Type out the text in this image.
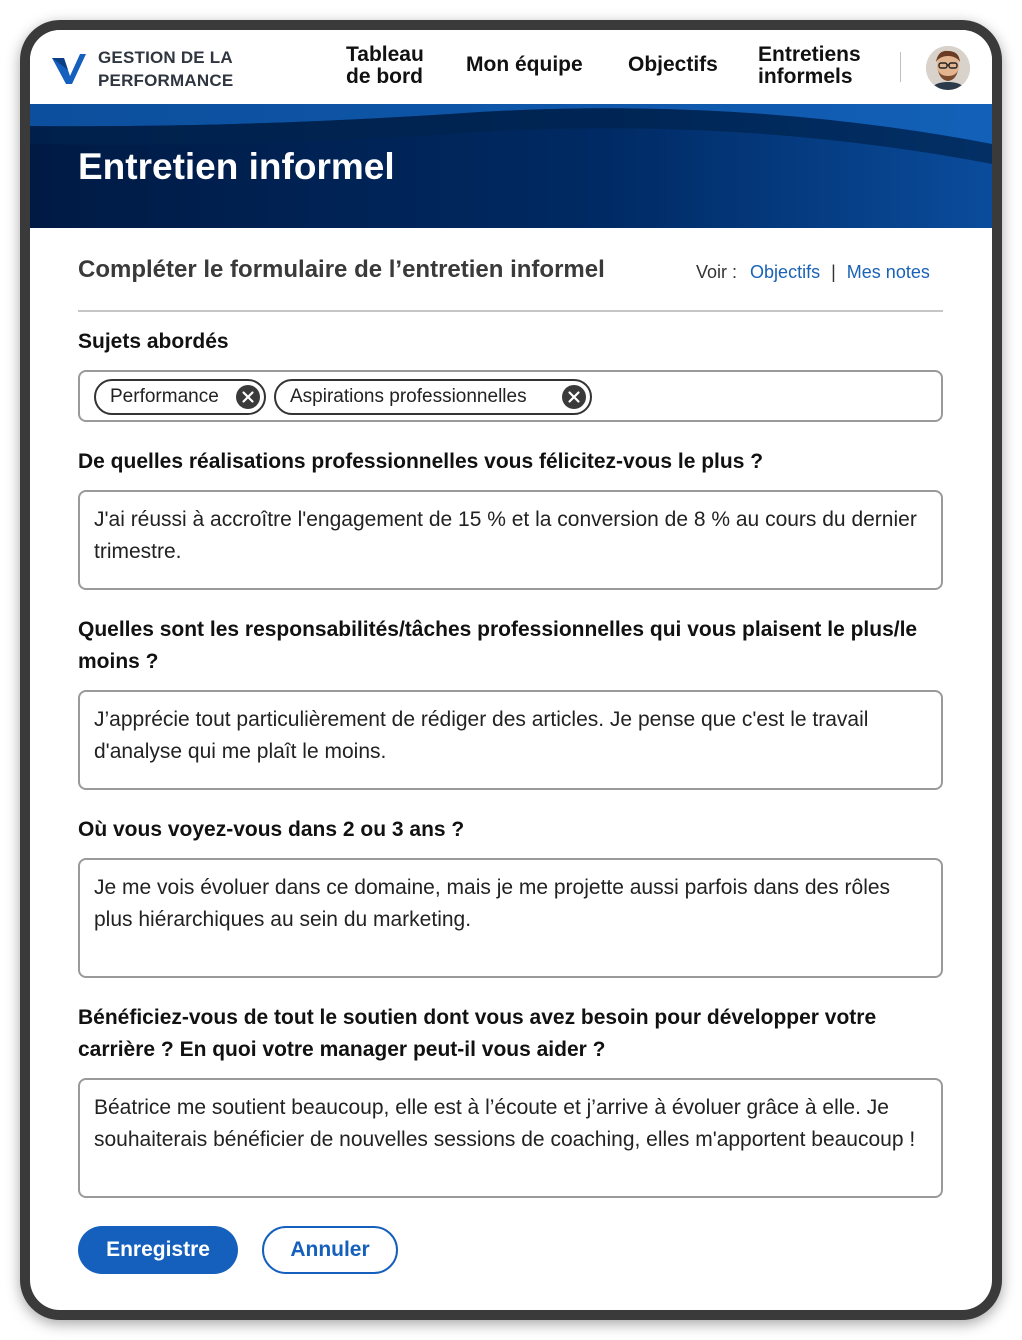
GESTION DE LA
PERFORMANCE
Tableau
de bord
Mon équipe Objectifs Entretiens
informels
Entretien informel
Compléter le formulaire de l’entretien informel	Voir : Objectifs | Mes notes
Sujets abordés
Performance	Aspirations professionnelles
De quelles réalisations professionnelles vous félicitez-vous le plus ?
J'ai réussi à accroître l'engagement de 15 % et la conversion de 8 % au cours du dernier trimestre.
Quelles sont les responsabilités/tâches professionnelles qui vous plaisent le plus/le moins ?
J’apprécie tout particulièrement de rédiger des articles. Je pense que c'est le travail d'analyse qui me plaît le moins.
Où vous voyez-vous dans 2 ou 3 ans ?
Je me vois évoluer dans ce domaine, mais je me projette aussi parfois dans des rôles plus hiérarchiques au sein du marketing.
Bénéficiez-vous de tout le soutien dont vous avez besoin pour développer votre carrière ? En quoi votre manager peut-il vous aider ?
Béatrice me soutient beaucoup, elle est à l’écoute et j’arrive à évoluer grâce à elle. Je souhaiterais bénéficier de nouvelles sessions de coaching, elles m'apportent beaucoup !
Enregistre	Annuler
